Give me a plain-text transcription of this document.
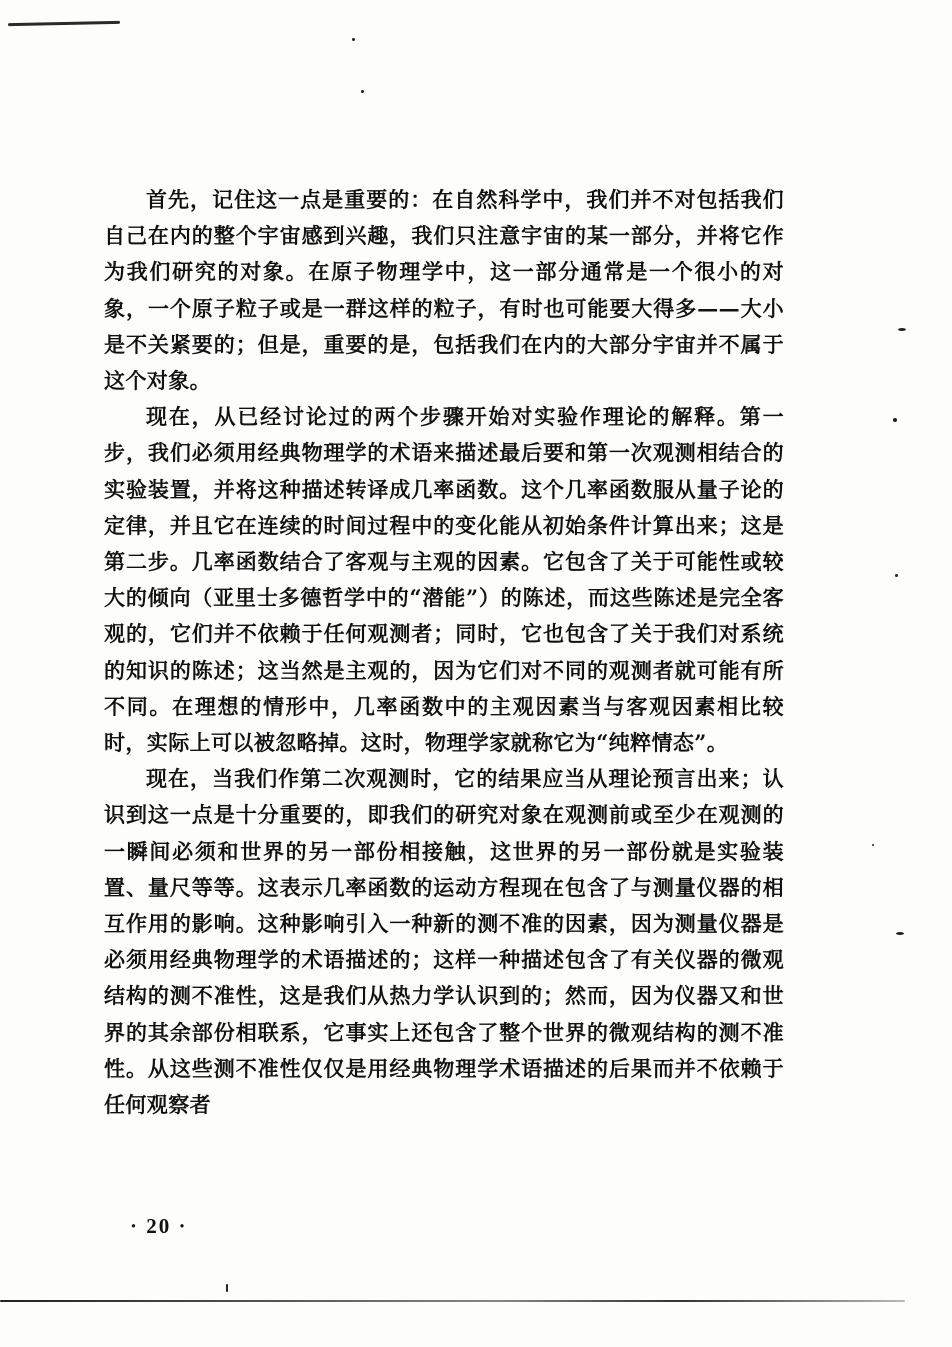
首先，记住这一点是重要的：在自然科学中，我们并不对包括我们自己在内的整个宇宙感到兴趣，我们只注意宇宙的某一部分，并将它作为我们研究的对象。在原子物理学中，这一部分通常是一个很小的对象，一个原子粒子或是一群这样的粒子，有时也可能要大得多——大小是不关紧要的；但是，重要的是，包括我们在内的大部分宇宙并不属于这个对象。

现在，从已经讨论过的两个步骤开始对实验作理论的解释。第一步，我们必须用经典物理学的术语来描述最后要和第一次观测相结合的实验装置，并将这种描述转译成几率函数。这个几率函数服从量子论的定律，并且它在连续的时间过程中的变化能从初始条件计算出来；这是第二步。几率函数结合了客观与主观的因素。它包含了关于可能性或较大的倾向（亚里士多德哲学中的“潜能”）的陈述，而这些陈述是完全客观的，它们并不依赖于任何观测者；同时，它也包含了关于我们对系统的知识的陈述；这当然是主观的，因为它们对不同的观测者就可能有所不同。在理想的情形中，几率函数中的主观因素当与客观因素相比较时，实际上可以被忽略掉。这时，物理学家就称它为“纯粹情态”。

现在，当我们作第二次观测时，它的结果应当从理论预言出来；认识到这一点是十分重要的，即我们的研究对象在观测前或至少在观测的一瞬间必须和世界的另一部份相接触，这世界的另一部份就是实验装置、量尺等等。这表示几率函数的运动方程现在包含了与测量仪器的相互作用的影响。这种影响引入一种新的测不准的因素，因为测量仪器是必须用经典物理学的术语描述的；这样一种描述包含了有关仪器的微观结构的测不准性，这是我们从热力学认识到的；然而，因为仪器又和世界的其余部份相联系，它事实上还包含了整个世界的微观结构的测不准性。从这些测不准性仅仅是用经典物理学术语描述的后果而并不依赖于任何观察者

· 20 ·
